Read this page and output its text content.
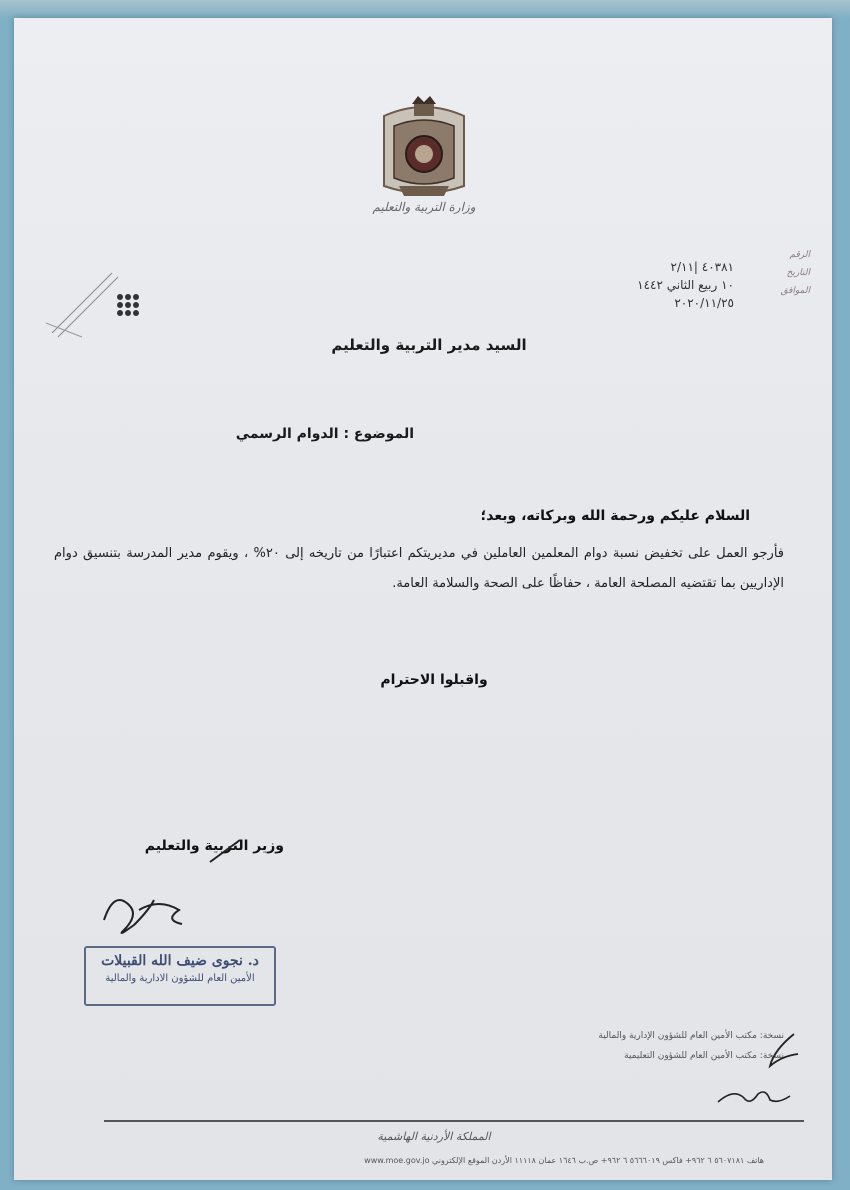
وزارة التربية والتعليم
الرقم
التاريخ
الموافق
٤٠٣٨١ |٢/١١
١٠ ربيع الثاني ١٤٤٢
٢٠٢٠/١١/٢٥
السيد مدير التربية والتعليم
الموضوع : الدوام الرسمي
السلام عليكم ورحمة الله وبركاته، وبعد؛
فأرجو العمل على تخفيض نسبة دوام المعلمين العاملين في مديريتكم اعتبارًا من تاريخه إلى ٢٠% ، ويقوم مدير المدرسة بتنسيق دوام الإداريين بما تقتضيه المصلحة العامة ، حفاظًا على الصحة والسلامة العامة.
واقبلوا الاحترام
وزير التربية والتعليم
د. نجوى ضيف الله القبيلات
الأمين العام للشؤون الادارية والمالية
نسخة: مكتب الأمين العام للشؤون الإدارية والمالية
نسخة: مكتب الأمين العام للشؤون التعليمية
المملكة الأردنية الهاشمية
هاتف ٥٦٠٧١٨١ ٦ ٩٦٢+ فاكس ٥٦٦٦٠١٩ ٦ ٩٦٢+ ص.ب ١٦٤٦ عمان ١١١١٨ الأردن الموقع الإلكتروني www.moe.gov.jo
